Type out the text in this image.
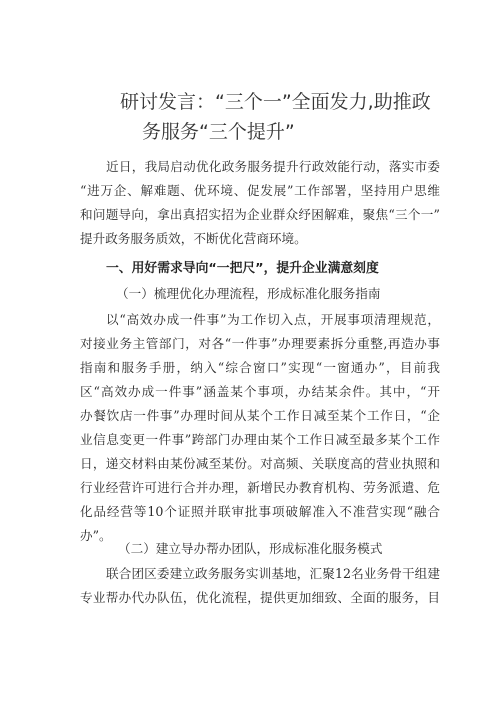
研讨发言：“三个一”全面发力,助推政
务服务“三个提升”
近日，我局启动优化政务服务提升行政效能行动，落实市委
“进万企、解难题、优环境、促发展”工作部署，坚持用户思维
和问题导向，拿出真招实招为企业群众纾困解难，聚焦“三个一”
提升政务服务质效，不断优化营商环境。
一、用好需求导向“一把尺”，提升企业满意刻度
（一）梳理优化办理流程，形成标准化服务指南
以“高效办成一件事”为工作切入点，开展事项清理规范，
对接业务主管部门，对各“一件事”办理要素拆分重整,再造办事
指南和服务手册，纳入“综合窗口”实现“一窗通办”，目前我
区“高效办成一件事”涵盖某个事项，办结某余件。其中，“开
办餐饮店一件事”办理时间从某个工作日减至某个工作日，“企
业信息变更一件事”跨部门办理由某个工作日减至最多某个工作
日，递交材料由某份减至某份。对高频、关联度高的营业执照和
行业经营许可进行合并办理，新增民办教育机构、劳务派遣、危
化品经营等10个证照并联审批事项破解准入不准营实现“融合
办”。
（二）建立导办帮办团队，形成标准化服务模式
联合团区委建立政务服务实训基地，汇聚12名业务骨干组建
专业帮办代办队伍，优化流程，提供更加细致、全面的服务，目
